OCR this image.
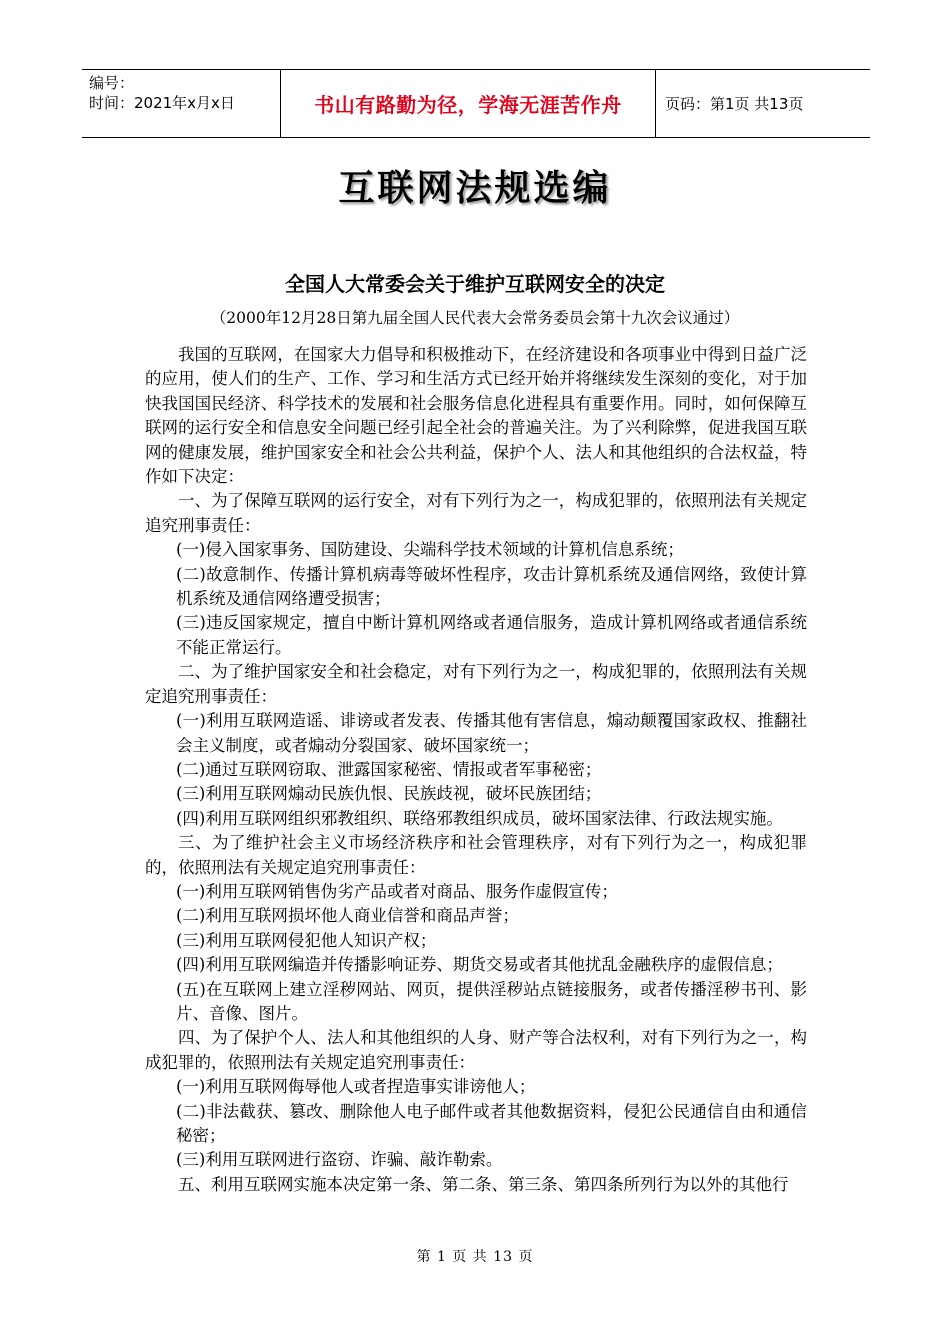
编号：
时间：2021年x月x日	书山有路勤为径，学海无涯苦作舟	页码：第1页 共13页
互联网法规选编
全国人大常委会关于维护互联网安全的决定
（2000年12月28日第九届全国人民代表大会常务委员会第十九次会议通过）

我国的互联网，在国家大力倡导和积极推动下，在经济建设和各项事业中得到日益广泛的应用，使人们的生产、工作、学习和生活方式已经开始并将继续发生深刻的变化，对于加快我国国民经济、科学技术的发展和社会服务信息化进程具有重要作用。同时，如何保障互联网的运行安全和信息安全问题已经引起全社会的普遍关注。为了兴利除弊，促进我国互联网的健康发展，维护国家安全和社会公共利益，保护个人、法人和其他组织的合法权益，特作如下决定：

一、为了保障互联网的运行安全，对有下列行为之一，构成犯罪的，依照刑法有关规定追究刑事责任：

(一)侵入国家事务、国防建设、尖端科学技术领域的计算机信息系统；

(二)故意制作、传播计算机病毒等破坏性程序，攻击计算机系统及通信网络，致使计算机系统及通信网络遭受损害；

(三)违反国家规定，擅自中断计算机网络或者通信服务，造成计算机网络或者通信系统不能正常运行。

二、为了维护国家安全和社会稳定，对有下列行为之一，构成犯罪的，依照刑法有关规定追究刑事责任：

(一)利用互联网造谣、诽谤或者发表、传播其他有害信息，煽动颠覆国家政权、推翻社会主义制度，或者煽动分裂国家、破坏国家统一；

(二)通过互联网窃取、泄露国家秘密、情报或者军事秘密；

(三)利用互联网煽动民族仇恨、民族歧视，破坏民族团结；

(四)利用互联网组织邪教组织、联络邪教组织成员，破坏国家法律、行政法规实施。

三、为了维护社会主义市场经济秩序和社会管理秩序，对有下列行为之一，构成犯罪的，依照刑法有关规定追究刑事责任：

(一)利用互联网销售伪劣产品或者对商品、服务作虚假宣传；

(二)利用互联网损坏他人商业信誉和商品声誉；

(三)利用互联网侵犯他人知识产权；

(四)利用互联网编造并传播影响证券、期货交易或者其他扰乱金融秩序的虚假信息；

(五)在互联网上建立淫秽网站、网页，提供淫秽站点链接服务，或者传播淫秽书刊、影片、音像、图片。

四、为了保护个人、法人和其他组织的人身、财产等合法权利，对有下列行为之一，构成犯罪的，依照刑法有关规定追究刑事责任：

(一)利用互联网侮辱他人或者捏造事实诽谤他人；

(二)非法截获、篡改、删除他人电子邮件或者其他数据资料，侵犯公民通信自由和通信秘密；

(三)利用互联网进行盗窃、诈骗、敲诈勒索。

五、利用互联网实施本决定第一条、第二条、第三条、第四条所列行为以外的其他行

第 1 页 共 13 页
